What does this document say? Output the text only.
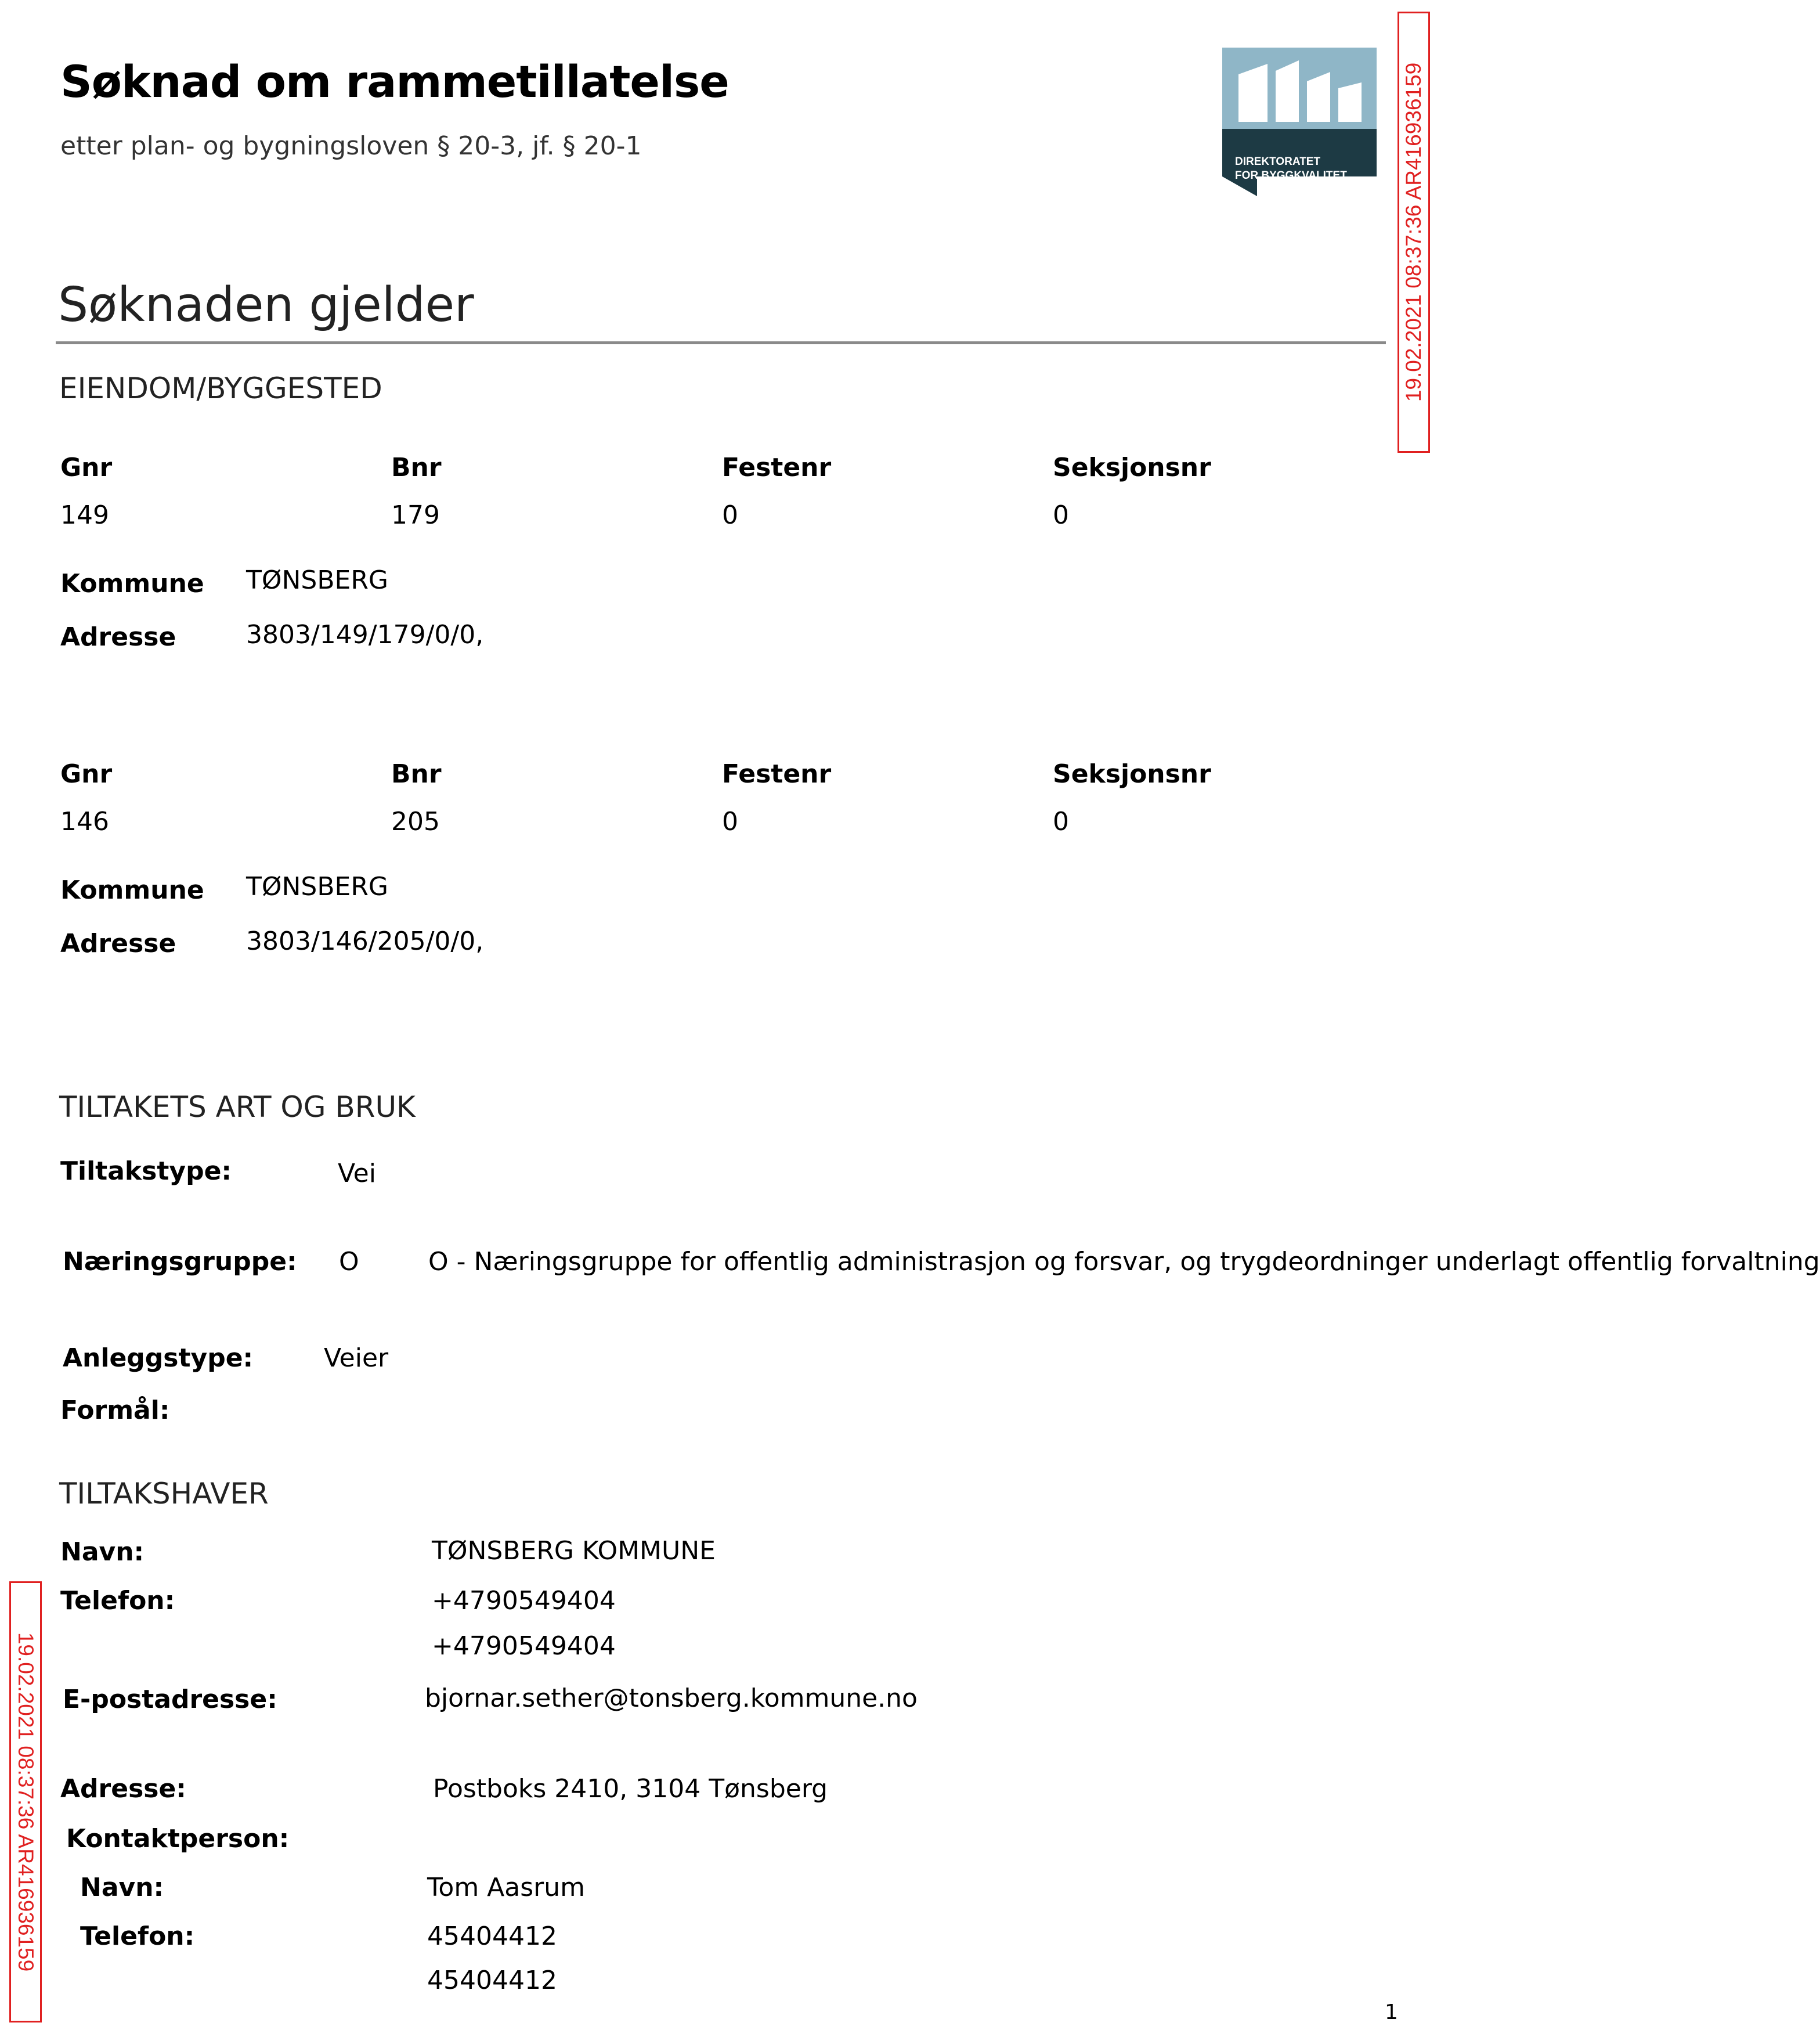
Søknad om rammetillatelse
etter plan- og bygningsloven § 20-3, jf. § 20-1
DIREKTORATET
FOR BYGGKVALITET	19.02.2021 08:37:36 AR416936159
Søknaden gjelder
EIENDOM/BYGGESTED
Gnr	Bnr	Festenr	Seksjonsnr
149	179	0	0
Kommune TØNSBERG
Adresse	3803/149/179/0/0,
Gnr	Bnr	Festenr	Seksjonsnr
146	205	0	0
Kommune TØNSBERG
Adresse	3803/146/205/0/0,
TILTAKETS ART OG BRUK
Tiltakstype:	Vei
Næringsgruppe: O	O - Næringsgruppe for offentlig administrasjon og forsvar, og trygdeordninger underlagt offentlig forvaltning
Anleggstype:	Veier
Formål:
TILTAKSHAVER
Navn:	TØNSBERG KOMMUNE
Telefon:	+4790549404
+4790549404
E-postadresse:	bjornar.sether@tonsberg.kommune.no
Adresse:	Postboks 2410, 3104 Tønsberg
Kontaktperson:
Navn:	Tom Aasrum
Telefon:	45404412
45404412
19.02.2021 08:37:36 AR416936159
1
